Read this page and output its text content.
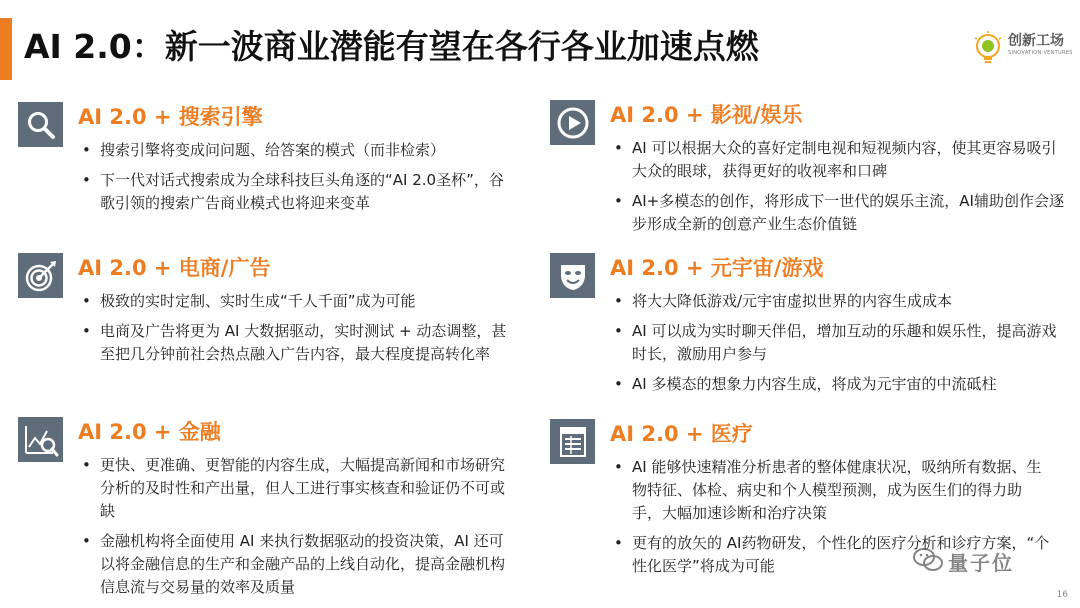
AI 2.0：新一波商业潜能有望在各行各业加速点燃	创新工场
SINOVATION VENTURES
AI 2.0 + 搜索引擎
• 搜索引擎将变成问问题、给答案的模式（而非检索）
• 下一代对话式搜索成为全球科技巨头角逐的“AI 2.0圣杯”，谷歌引领的搜索广告商业模式也将迎来变革
AI 2.0 + 影视/娱乐
• AI 可以根据大众的喜好定制电视和短视频内容，使其更容易吸引大众的眼球，获得更好的收视率和口碑
• AI+多模态的创作，将形成下一世代的娱乐主流，AI辅助创作会逐步形成全新的创意产业生态价值链
AI 2.0 + 电商/广告
• 极致的实时定制、实时生成“千人千面”成为可能
• 电商及广告将更为 AI 大数据驱动，实时测试 + 动态调整，甚至把几分钟前社会热点融入广告内容，最大程度提高转化率
AI 2.0 + 元宇宙/游戏
• 将大大降低游戏/元宇宙虚拟世界的内容生成成本
• AI 可以成为实时聊天伴侣，增加互动的乐趣和娱乐性，提高游戏时长，激励用户参与
• AI 多模态的想象力内容生成，将成为元宇宙的中流砥柱
AI 2.0 + 金融
• 更快、更准确、更智能的内容生成，大幅提高新闻和市场研究分析的及时性和产出量，但人工进行事实核查和验证仍不可或缺
• 金融机构将全面使用 AI 来执行数据驱动的投资决策，AI 还可以将金融信息的生产和金融产品的上线自动化，提高金融机构信息流与交易量的效率及质量
AI 2.0 + 医疗
• AI 能够快速精准分析患者的整体健康状况，吸纳所有数据、生物特征、体检、病史和个人模型预测，成为医生们的得力助手，大幅加速诊断和治疗决策
• 更有的放矢的 AI药物研发，个性化的医疗分析和诊疗方案，“个性化医学”将成为可能	量子位
16
